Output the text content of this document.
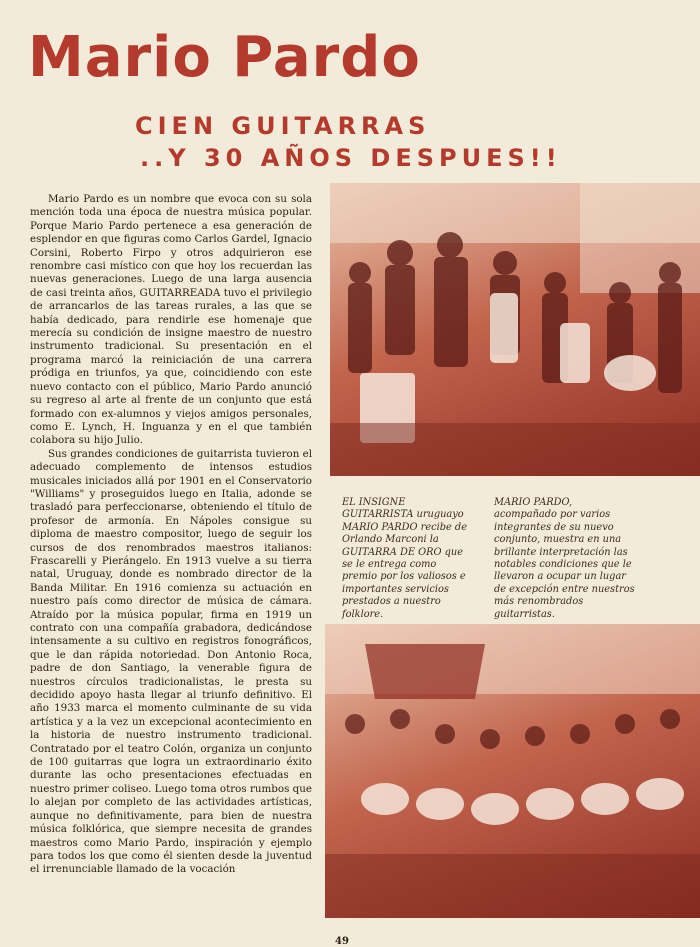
Mario Pardo
CIEN GUITARRAS
..Y 30 AÑOS DESPUES!!

Mario Pardo es un nombre que evoca con su sola mención toda una época de nuestra música popular. Porque Mario Pardo pertenece a esa generación de esplendor en que figuras como Carlos Gardel, Ignacio Corsini, Roberto Firpo y otros adquirieron ese renombre casi místico con que hoy los recuerdan las nuevas generaciones. Luego de una larga ausencia de casi treinta años, GUITARREADA tuvo el privilegio de arrancarlos de las tareas rurales, a las que se había dedicado, para rendirle ese homenaje que merecía su condición de insigne maestro de nuestro instrumento tradicional. Su presentación en el programa marcó la reiniciación de una carrera pródiga en triunfos, ya que, coincidiendo con este nuevo contacto con el público, Mario Pardo anunció su regreso al arte al frente de un conjunto que está formado con ex-alumnos y viejos amigos personales, como E. Lynch, H. Inguanza y en el que también colabora su hijo Julio.

Sus grandes condiciones de guitarrista tuvieron el adecuado complemento de intensos estudios musicales iniciados allá por 1901 en el Conservatorio "Williams" y proseguidos luego en Italia, adonde se trasladó para perfeccionarse, obteniendo el título de profesor de armonía. En Nápoles consigue su diploma de maestro compositor, luego de seguir los cursos de dos renombrados maestros italianos: Frascarelli y Pierángelo. En 1913 vuelve a su tierra natal, Uruguay, donde es nombrado director de la Banda Militar. En 1916 comienza su actuación en nuestro país como director de música de cámara. Atraído por la música popular, firma en 1919 un contrato con una compañía grabadora, dedicándose intensamente a su cultivo en registros fonográficos, que le dan rápida notoriedad. Don Antonio Roca, padre de don Santiago, la venerable figura de nuestros círculos tradicionalistas, le presta su decidido apoyo hasta llegar al triunfo definitivo. El año 1933 marca el momento culminante de su vida artística y a la vez un excepcional acontecimiento en la historia de nuestro instrumento tradicional. Contratado por el teatro Colón, organiza un conjunto de 100 guitarras que logra un extraordinario éxito durante las ocho presentaciones efectuadas en nuestro primer coliseo. Luego toma otros rumbos que lo alejan por completo de las actividades artísticas, aunque no definitivamente, para bien de nuestra música folklórica, que siempre necesita de grandes maestros como Mario Pardo, inspiración y ejemplo para todos los que como él sienten desde la juventud el irrenunciable llamado de la vocación

EL INSIGNE GUITARRISTA uruguayo MARIO PARDO recibe de Orlando Marconi la GUITARRA DE ORO que se le entrega como premio por los valiosos e importantes servicios prestados a nuestro folklore.

MARIO PARDO, acompañado por varios integrantes de su nuevo conjunto, muestra en una brillante interpretación las notables condiciones que le llevaron a ocupar un lugar de excepción entre nuestros más renombrados guitarristas.

49
